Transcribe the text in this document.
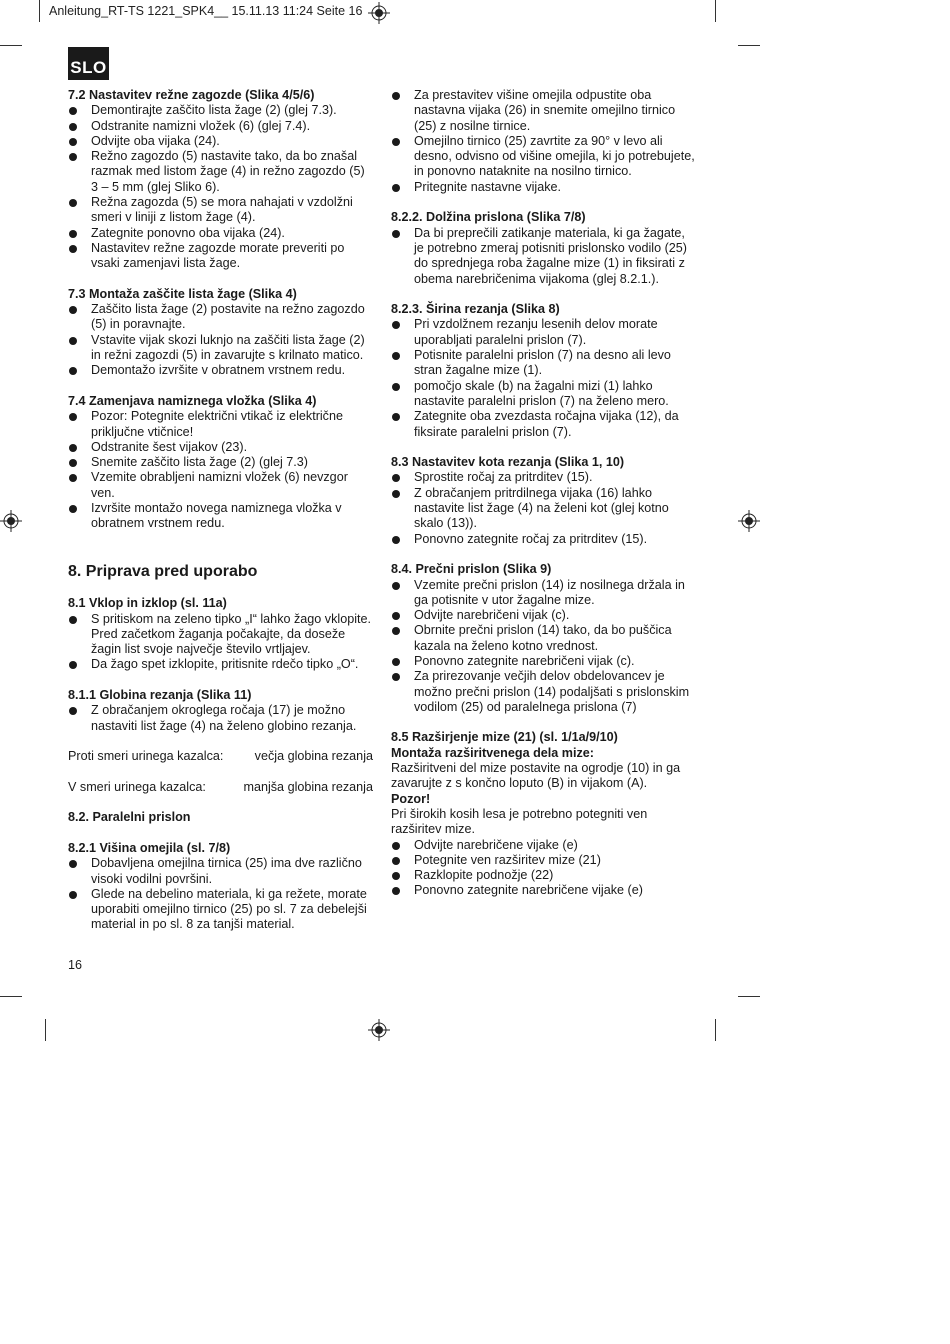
Anleitung_RT-TS 1221_SPK4__ 15.11.13 11:24 Seite 16
SLO

7.2 Nastavitev režne zagozde (Slika 4/5/6)

Demontirajte zaščito lista žage (2) (glej 7.3).
Odstranite namizni vložek (6) (glej 7.4).
Odvijte oba vijaka (24).
Režno zagozdo (5) nastavite tako, da bo znašal razmak med listom žage (4) in režno zagozdo (5) 3 – 5 mm (glej Sliko 6).
Režna zagozda (5) se mora nahajati v vzdolžni smeri v liniji z listom žage (4).
Zategnite ponovno oba vijaka (24).
Nastavitev režne zagozde morate preveriti po vsaki zamenjavi lista žage.

7.3 Montaža zaščite lista žage (Slika 4)

Zaščito lista žage (2) postavite na režno zagozdo (5) in poravnajte.
Vstavite vijak skozi luknjo na zaščiti lista žage (2) in režni zagozdi (5) in zavarujte s krilnato matico.
Demontažo izvršite v obratnem vrstnem redu.

7.4 Zamenjava namiznega vložka (Slika 4)

Pozor: Potegnite električni vtikač iz električne priključne vtičnice!
Odstranite šest vijakov (23).
Snemite zaščito lista žage (2) (glej 7.3)
Vzemite obrabljeni namizni vložek (6) nevzgor ven.
Izvršite montažo novega namiznega vložka v obratnem vrstnem redu.

8. Priprava pred uporabo

8.1 Vklop in izklop (sl. 11a)

S pritiskom na zeleno tipko „I“ lahko žago vklopite. Pred začetkom žaganja počakajte, da doseže žagin list svoje največje število vrtljajev.
Da žago spet izklopite, pritisnite rdečo tipko „O“.

8.1.1 Globina rezanja (Slika 11)

Z obračanjem okroglega ročaja (17) je možno nastaviti list žage (4) na želeno globino rezanja.
Proti smeri urinega kazalca: večja globina rezanja
V smeri urinega kazalca:	manjša globina rezanja

8.2. Paralelni prislon

8.2.1 Višina omejila (sl. 7/8)

Dobavljena omejilna tirnica (25) ima dve različno visoki vodilni površini.
Glede na debelino materiala, ki ga režete, morate uporabiti omejilno tirnico (25) po sl. 7 za debelejši material in po sl. 8 za tanjši material.
Za prestavitev višine omejila odpustite oba nastavna vijaka (26) in snemite omejilno tirnico (25) z nosilne tirnice.
Omejilno tirnico (25) zavrtite za 90° v levo ali desno, odvisno od višine omejila, ki jo potrebujete, in ponovno nataknite na nosilno tirnico.
Pritegnite nastavne vijake.

8.2.2. Dolžina prislona (Slika 7/8)

Da bi preprečili zatikanje materiala, ki ga žagate, je potrebno zmeraj potisniti prislonsko vodilo (25) do sprednjega roba žagalne mize (1) in fiksirati z obema narebričenima vijakoma (glej 8.2.1.).

8.2.3. Širina rezanja (Slika 8)

Pri vzdolžnem rezanju lesenih delov morate uporabljati paralelni prislon (7).
Potisnite paralelni prislon (7) na desno ali levo stran žagalne mize (1).
pomočjo skale (b) na žagalni mizi (1) lahko nastavite paralelni prislon (7) na želeno mero.
Zategnite oba zvezdasta ročajna vijaka (12), da fiksirate paralelni prislon (7).

8.3 Nastavitev kota rezanja (Slika 1, 10)

Sprostite ročaj za pritrditev (15).
Z obračanjem pritrdilnega vijaka (16) lahko nastavite list žage (4) na želeni kot (glej kotno skalo (13)).
Ponovno zategnite ročaj za pritrditev (15).

8.4. Prečni prislon (Slika 9)

Vzemite prečni prislon (14) iz nosilnega držala in ga potisnite v utor žagalne mize.
Odvijte narebričeni vijak (c).
Obrnite prečni prislon (14) tako, da bo puščica kazala na želeno kotno vrednost.
Ponovno zategnite narebričeni vijak (c).
Za prirezovanje večjih delov obdelovancev je možno prečni prislon (14) podaljšati s prislonskim vodilom (25) od paralelnega prislona (7)

8.5 Razširjenje mize (21) (sl. 1/1a/9/10)

Montaža razširitvenega dela mize:

Razširitveni del mize postavite na ogrodje (10) in ga zavarujte z s končno loputo (B) in vijakom (A).

Pozor!

Pri širokih kosih lesa je potrebno potegniti ven razširitev mize.

Odvijte narebričene vijake (e)
Potegnite ven razširitev mize (21)
Razklopite podnožje (22)
Ponovno zategnite narebričene vijake (e)
16
